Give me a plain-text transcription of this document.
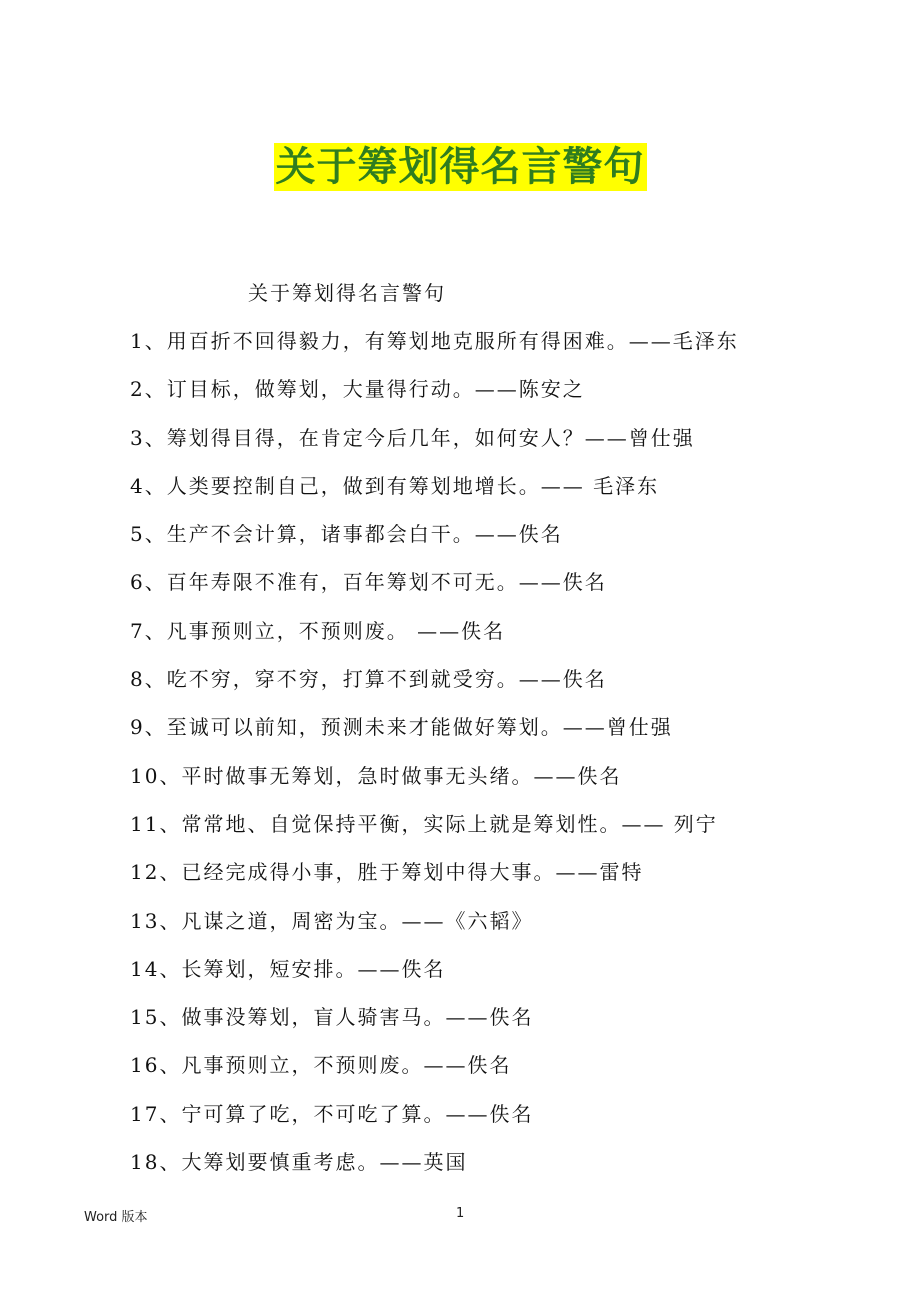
关于筹划得名言警句
关于筹划得名言警句
1、用百折不回得毅力，有筹划地克服所有得困难。——毛泽东
2、订目标，做筹划，大量得行动。——陈安之
3、筹划得目得，在肯定今后几年，如何安人？——曾仕强
4、人类要控制自己，做到有筹划地增长。—— 毛泽东
5、生产不会计算，诸事都会白干。——佚名
6、百年寿限不准有，百年筹划不可无。——佚名
7、凡事预则立，不预则废。 ——佚名
8、吃不穷，穿不穷，打算不到就受穷。——佚名
9、至诚可以前知，预测未来才能做好筹划。——曾仕强
10、平时做事无筹划，急时做事无头绪。——佚名
11、常常地、自觉保持平衡，实际上就是筹划性。—— 列宁
12、已经完成得小事，胜于筹划中得大事。——雷特
13、凡谋之道，周密为宝。——《六韬》
14、长筹划，短安排。——佚名
15、做事没筹划，盲人骑害马。——佚名
16、凡事预则立，不预则废。——佚名
17、宁可算了吃，不可吃了算。——佚名
18、大筹划要慎重考虑。——英国
Word 版本	1
